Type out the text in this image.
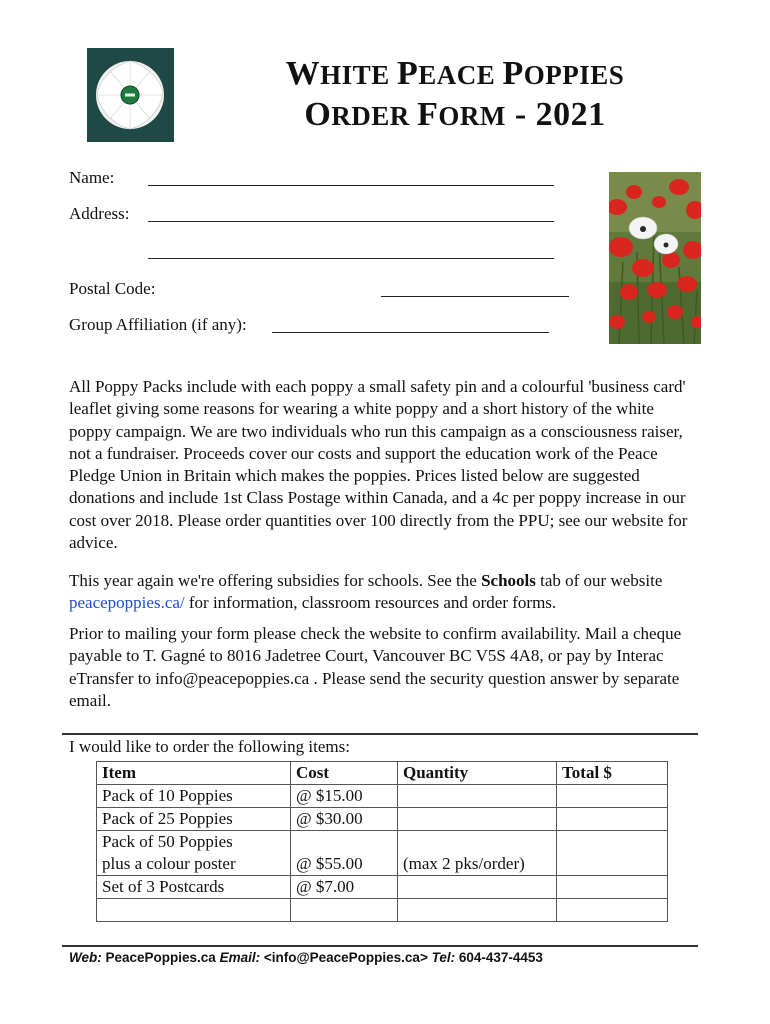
WHITE PEACE POPPIES
ORDER FORM - 2021
Name:
Address:
Postal Code:
Group Affiliation (if any):

All Poppy Packs include with each poppy a small safety pin and a colourful 'business card' leaflet giving some reasons for wearing a white poppy and a short history of the white poppy campaign. We are two individuals who run this campaign as a consciousness raiser, not a fundraiser. Proceeds cover our costs and support the education work of the Peace Pledge Union in Britain which makes the poppies. Prices listed below are suggested donations and include 1st Class Postage within Canada, and a 4c per poppy increase in our cost over 2018. Please order quantities over 100 directly from the PPU; see our website for advice.

This year again we're offering subsidies for schools. See the Schools tab of our website peacepoppies.ca/ for information, classroom resources and order forms.

Prior to mailing your form please check the website to confirm availability. Mail a cheque payable to T. Gagné to 8016 Jadetree Court, Vancouver BC V5S 4A8, or pay by Interac eTransfer to info@peacepoppies.ca . Please send the security question answer by separate email.

I would like to order the following items:
Item	Cost	Quantity	Total $
Pack of 10 Poppies	@ $15.00		
Pack of 25 Poppies	@ $30.00		

Pack of 50 Poppies
plus a colour poster	@ $55.00	(max 2 pks/order)	
Set of 3 Postcards	@ $7.00		

Web: PeacePoppies.ca Email: <info@PeacePoppies.ca> Tel: 604-437-4453
